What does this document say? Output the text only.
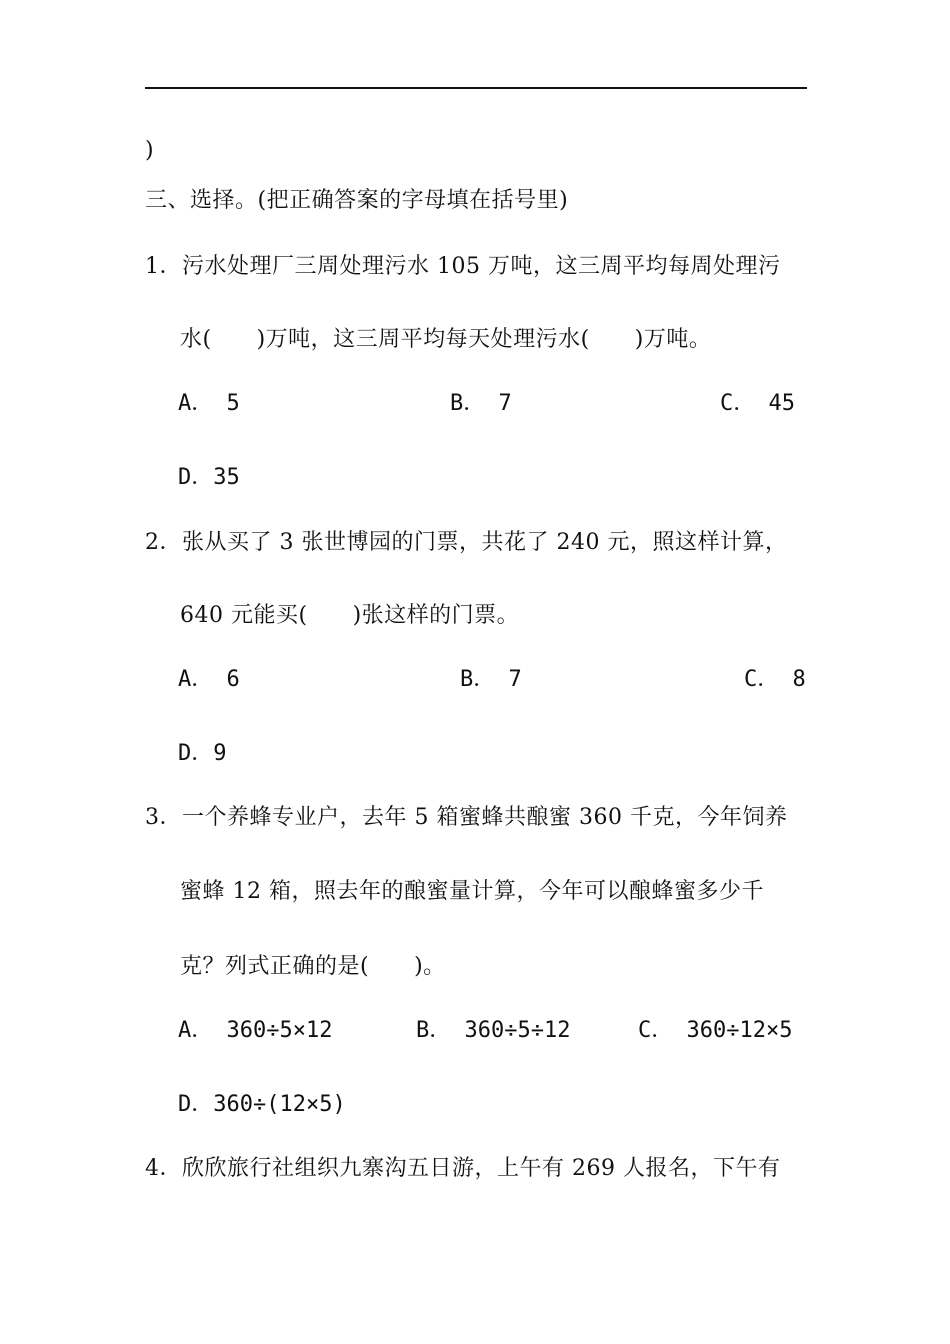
)
三、选择。(把正确答案的字母填在括号里)
1．污水处理厂三周处理污水 105 万吨，这三周平均每周处理污
水(　　)万吨，这三周平均每天处理污水(　　)万吨。
A． 5	B． 7	C． 45
D．35
2．张从买了 3 张世博园的门票，共花了 240 元，照这样计算，
640 元能买(　　)张这样的门票。
A． 6	B． 7	C． 8
D．9
3．一个养蜂专业户，去年 5 箱蜜蜂共酿蜜 360 千克，今年饲养
蜜蜂 12 箱，照去年的酿蜜量计算，今年可以酿蜂蜜多少千
克？列式正确的是(　　)。
A． 360÷5×12	B． 360÷5÷12	C． 360÷12×5
D．360÷(12×5)
4．欣欣旅行社组织九寨沟五日游，上午有 269 人报名，下午有
